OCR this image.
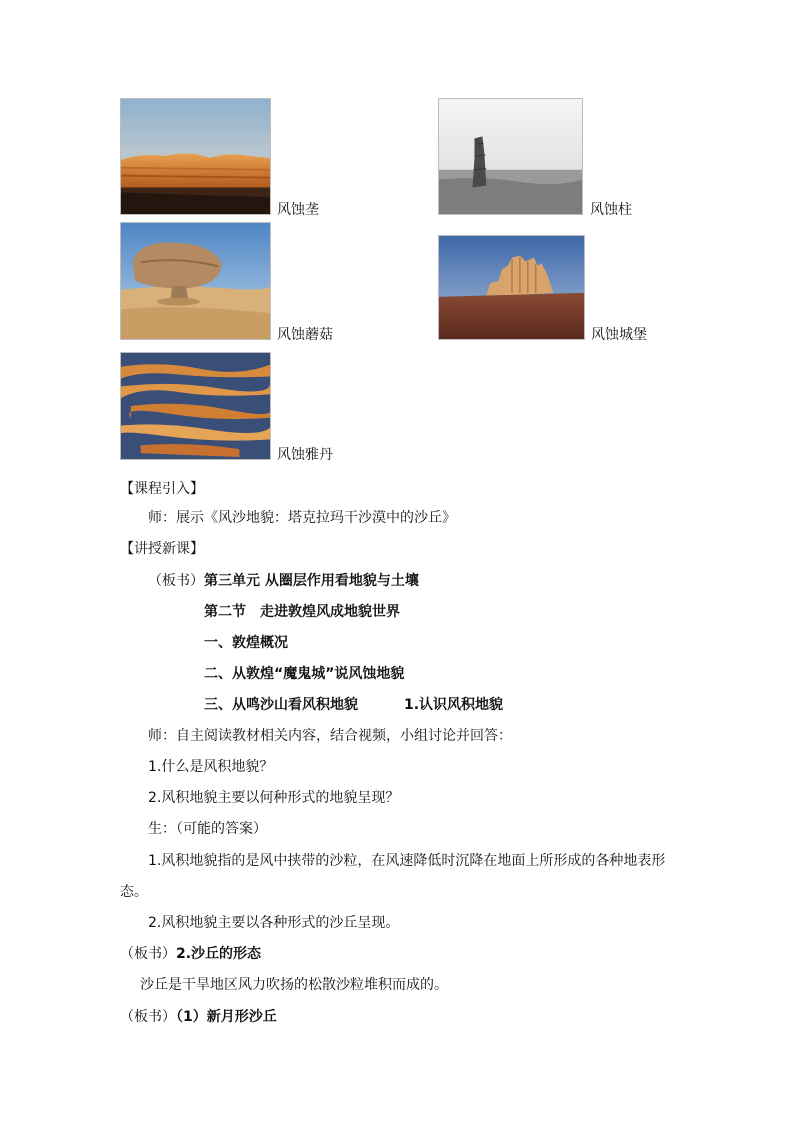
风蚀垄	风蚀柱
风蚀蘑菇	风蚀城堡
风蚀雅丹
【课程引入】
师：展示《风沙地貌：塔克拉玛干沙漠中的沙丘》
【讲授新课】
（板书）第三单元 从圈层作用看地貌与土壤
第二节　走进敦煌风成地貌世界
一、敦煌概况
二、从敦煌“魔鬼城”说风蚀地貌
三、从鸣沙山看风积地貌	1.认识风积地貌
师：自主阅读教材相关内容，结合视频，小组讨论并回答：
1.什么是风积地貌？
2.风积地貌主要以何种形式的地貌呈现？
生：（可能的答案）
1.风积地貌指的是风中挟带的沙粒，在风速降低时沉降在地面上所形成的各种地表形
态。
2.风积地貌主要以各种形式的沙丘呈现。
（板书）2.沙丘的形态
沙丘是干旱地区风力吹扬的松散沙粒堆积而成的。
（板书）（1）新月形沙丘
